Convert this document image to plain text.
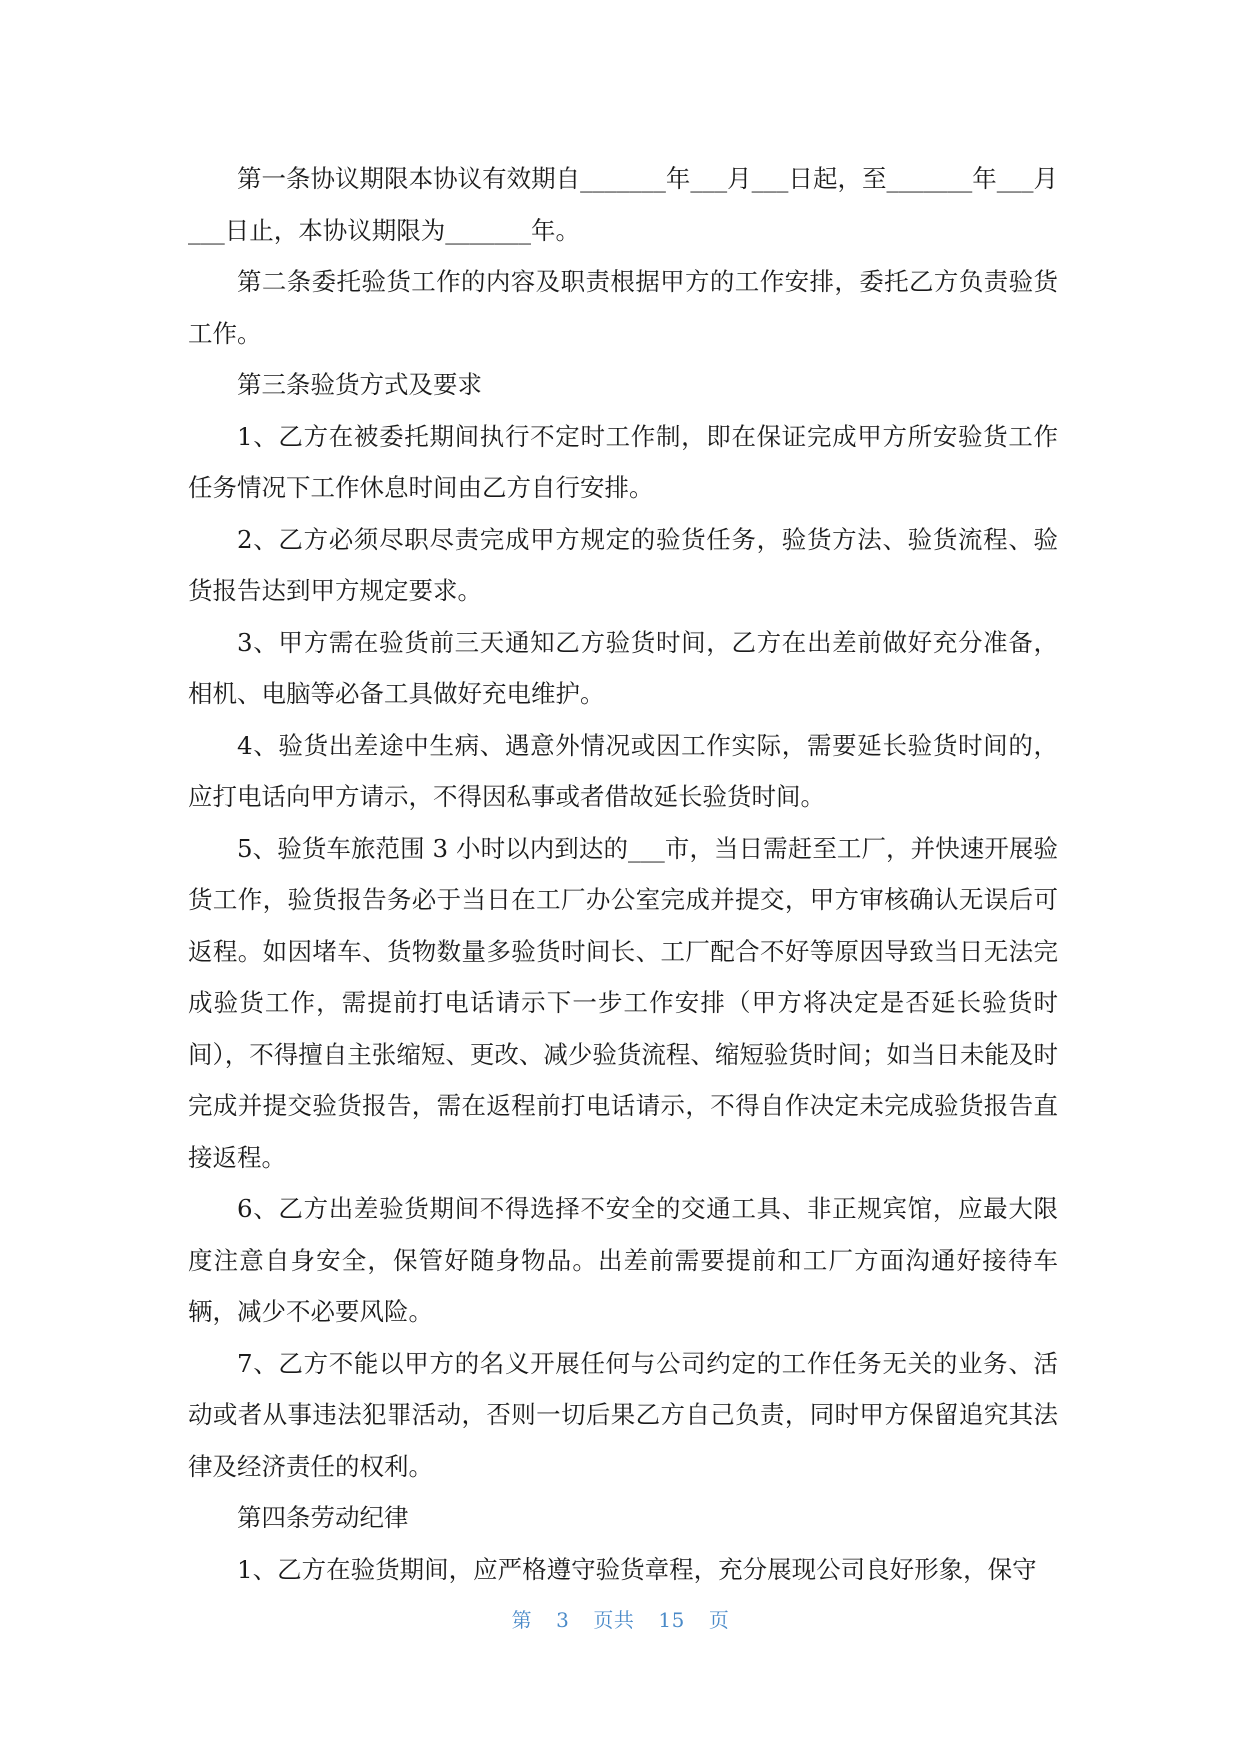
第一条协议期限本协议有效期自_______年___月___日起，至_______年___月___日止，本协议期限为_______年。

第二条委托验货工作的内容及职责根据甲方的工作安排，委托乙方负责验货工作。

第三条验货方式及要求

1、乙方在被委托期间执行不定时工作制，即在保证完成甲方所安验货工作任务情况下工作休息时间由乙方自行安排。

2、乙方必须尽职尽责完成甲方规定的验货任务，验货方法、验货流程、验货报告达到甲方规定要求。

3、甲方需在验货前三天通知乙方验货时间，乙方在出差前做好充分准备，相机、电脑等必备工具做好充电维护。

4、验货出差途中生病、遇意外情况或因工作实际，需要延长验货时间的，应打电话向甲方请示，不得因私事或者借故延长验货时间。

5、验货车旅范围 3 小时以内到达的___市，当日需赶至工厂，并快速开展验货工作，验货报告务必于当日在工厂办公室完成并提交，甲方审核确认无误后可返程。如因堵车、货物数量多验货时间长、工厂配合不好等原因导致当日无法完成验货工作，需提前打电话请示下一步工作安排（甲方将决定是否延长验货时间），不得擅自主张缩短、更改、减少验货流程、缩短验货时间；如当日未能及时完成并提交验货报告，需在返程前打电话请示，不得自作决定未完成验货报告直接返程。

6、乙方出差验货期间不得选择不安全的交通工具、非正规宾馆，应最大限度注意自身安全，保管好随身物品。出差前需要提前和工厂方面沟通好接待车辆，减少不必要风险。

7、乙方不能以甲方的名义开展任何与公司约定的工作任务无关的业务、活动或者从事违法犯罪活动，否则一切后果乙方自己负责，同时甲方保留追究其法律及经济责任的权利。

第四条劳动纪律

1、乙方在验货期间，应严格遵守验货章程，充分展现公司良好形象，保守

第 3 页共 15 页
